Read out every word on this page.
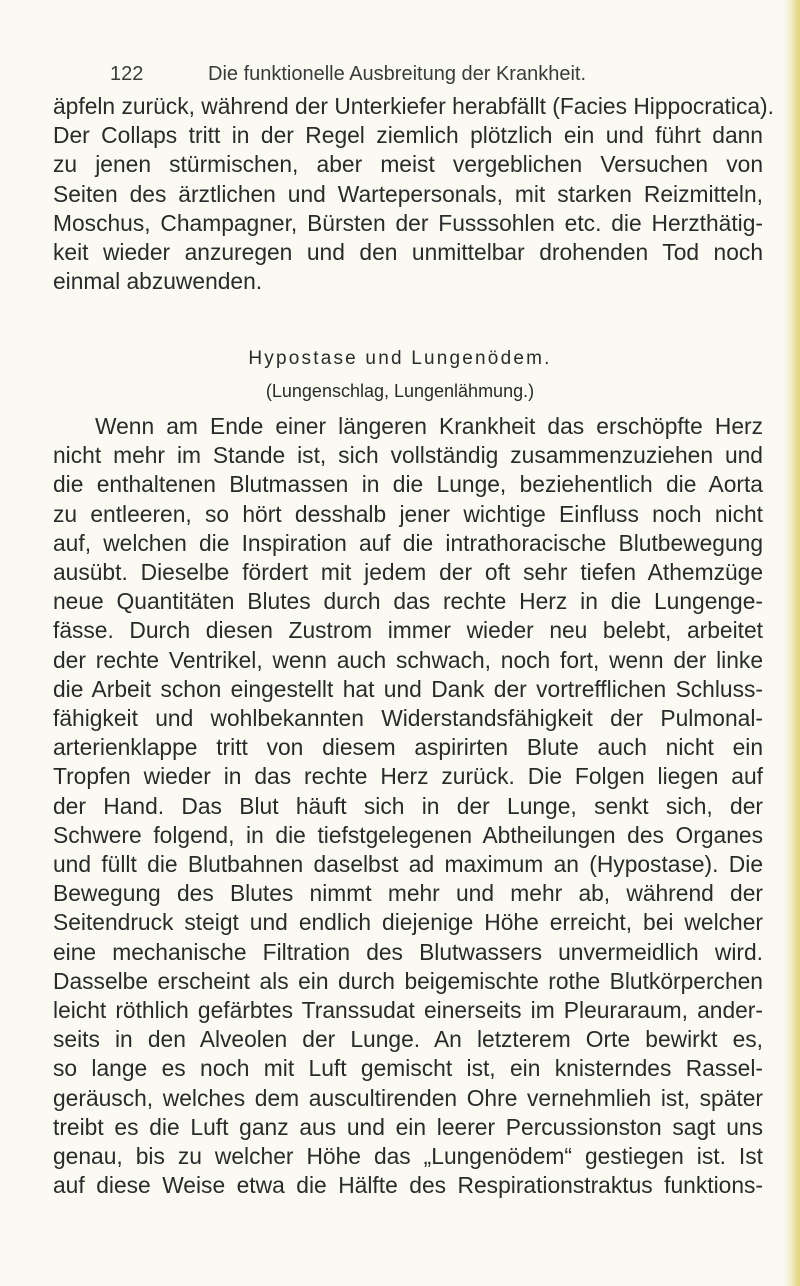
122	Die funktionelle Ausbreitung der Krankheit.
äpfeln zurück, während der Unterkiefer herabfällt (Facies Hippocratica).
Der Collaps tritt in der Regel ziemlich plötzlich ein und führt dann
zu jenen stürmischen, aber meist vergeblichen Versuchen von
Seiten des ärztlichen und Wartepersonals, mit starken Reizmitteln,
Moschus, Champagner, Bürsten der Fusssohlen etc. die Herzthätig-
keit wieder anzuregen und den unmittelbar drohenden Tod noch
einmal abzuwenden.
Hypostase und Lungenödem.

(Lungenschlag, Lungenlähmung.)

Wenn am Ende einer längeren Krankheit das erschöpfte Herz
nicht mehr im Stande ist, sich vollständig zusammenzuziehen und
die enthaltenen Blutmassen in die Lunge, beziehentlich die Aorta
zu entleeren, so hört desshalb jener wichtige Einfluss noch nicht
auf, welchen die Inspiration auf die intrathoracische Blutbewegung
ausübt. Dieselbe fördert mit jedem der oft sehr tiefen Athemzüge
neue Quantitäten Blutes durch das rechte Herz in die Lungenge-
fässe. Durch diesen Zustrom immer wieder neu belebt, arbeitet
der rechte Ventrikel, wenn auch schwach, noch fort, wenn der linke
die Arbeit schon eingestellt hat und Dank der vortrefflichen Schluss-
fähigkeit und wohlbekannten Widerstandsfähigkeit der Pulmonal-
arterienklappe tritt von diesem aspirirten Blute auch nicht ein
Tropfen wieder in das rechte Herz zurück. Die Folgen liegen auf
der Hand. Das Blut häuft sich in der Lunge, senkt sich, der
Schwere folgend, in die tiefstgelegenen Abtheilungen des Organes
und füllt die Blutbahnen daselbst ad maximum an (Hypostase). Die
Bewegung des Blutes nimmt mehr und mehr ab, während der
Seitendruck steigt und endlich diejenige Höhe erreicht, bei welcher
eine mechanische Filtration des Blutwassers unvermeidlich wird.
Dasselbe erscheint als ein durch beigemischte rothe Blutkörperchen
leicht röthlich gefärbtes Transsudat einerseits im Pleuraraum, ander-
seits in den Alveolen der Lunge. An letzterem Orte bewirkt es,
so lange es noch mit Luft gemischt ist, ein knisterndes Rassel-
geräusch, welches dem auscultirenden Ohre vernehmlieh ist, später
treibt es die Luft ganz aus und ein leerer Percussionston sagt uns
genau, bis zu welcher Höhe das „Lungenödem“ gestiegen ist. Ist
auf diese Weise etwa die Hälfte des Respirationstraktus funktions-
